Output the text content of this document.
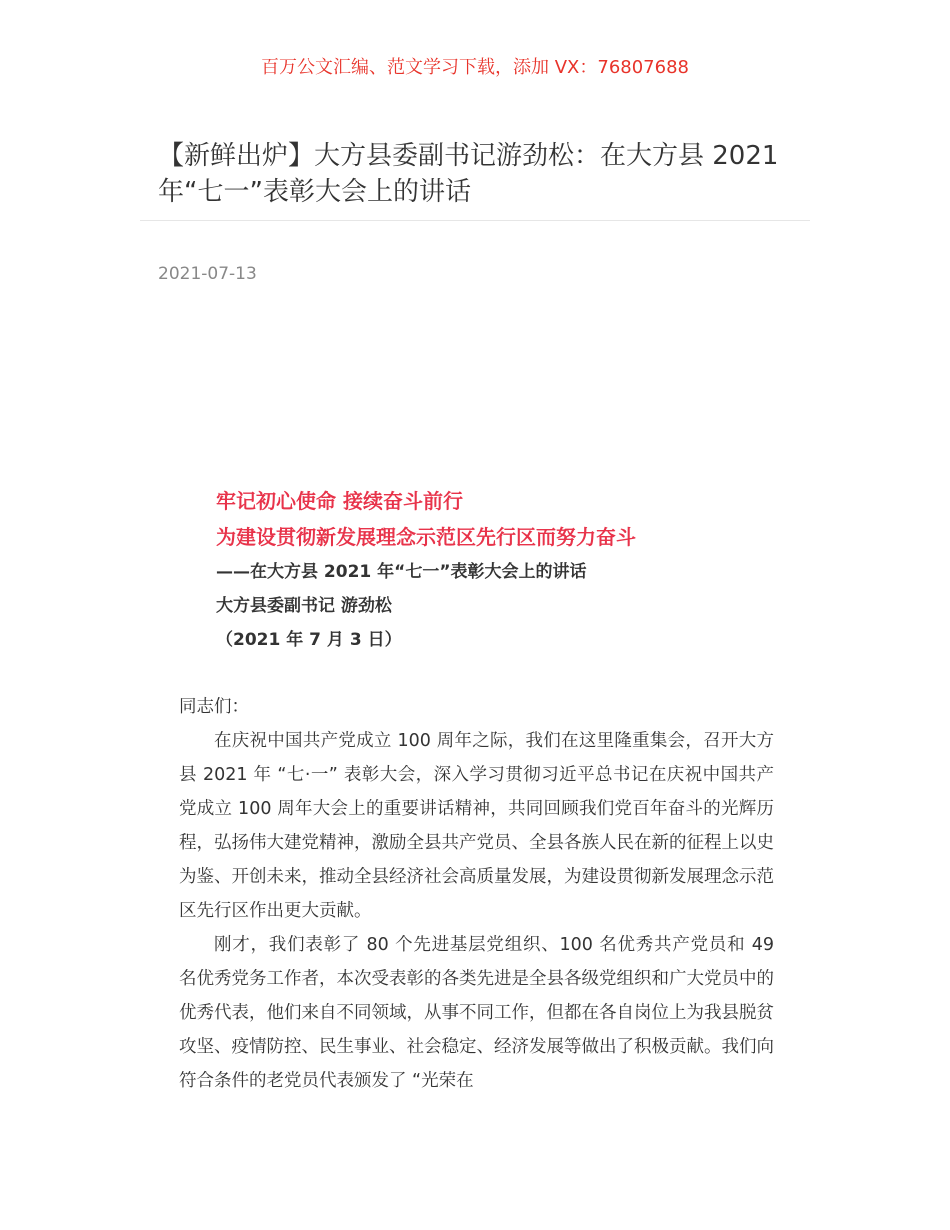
百万公文汇编、范文学习下载，添加 VX：76807688
【新鲜出炉】大方县委副书记游劲松：在大方县 2021 年“七一”表彰大会上的讲话
2021-07-13

牢记初心使命 接续奋斗前行

为建设贯彻新发展理念示范区先行区而努力奋斗

——在大方县 2021 年“七一”表彰大会上的讲话

大方县委副书记 游劲松

（2021 年 7 月 3 日）

同志们：

在庆祝中国共产党成立 100 周年之际，我们在这里隆重集会，召开大方县 2021 年 “七·一” 表彰大会，深入学习贯彻习近平总书记在庆祝中国共产党成立 100 周年大会上的重要讲话精神，共同回顾我们党百年奋斗的光辉历程，弘扬伟大建党精神，激励全县共产党员、全县各族人民在新的征程上以史为鉴、开创未来，推动全县经济社会高质量发展，为建设贯彻新发展理念示范区先行区作出更大贡献。

刚才，我们表彰了 80 个先进基层党组织、100 名优秀共产党员和 49 名优秀党务工作者，本次受表彰的各类先进是全县各级党组织和广大党员中的优秀代表，他们来自不同领域，从事不同工作，但都在各自岗位上为我县脱贫攻坚、疫情防控、民生事业、社会稳定、经济发展等做出了积极贡献。我们向符合条件的老党员代表颁发了 “光荣在
